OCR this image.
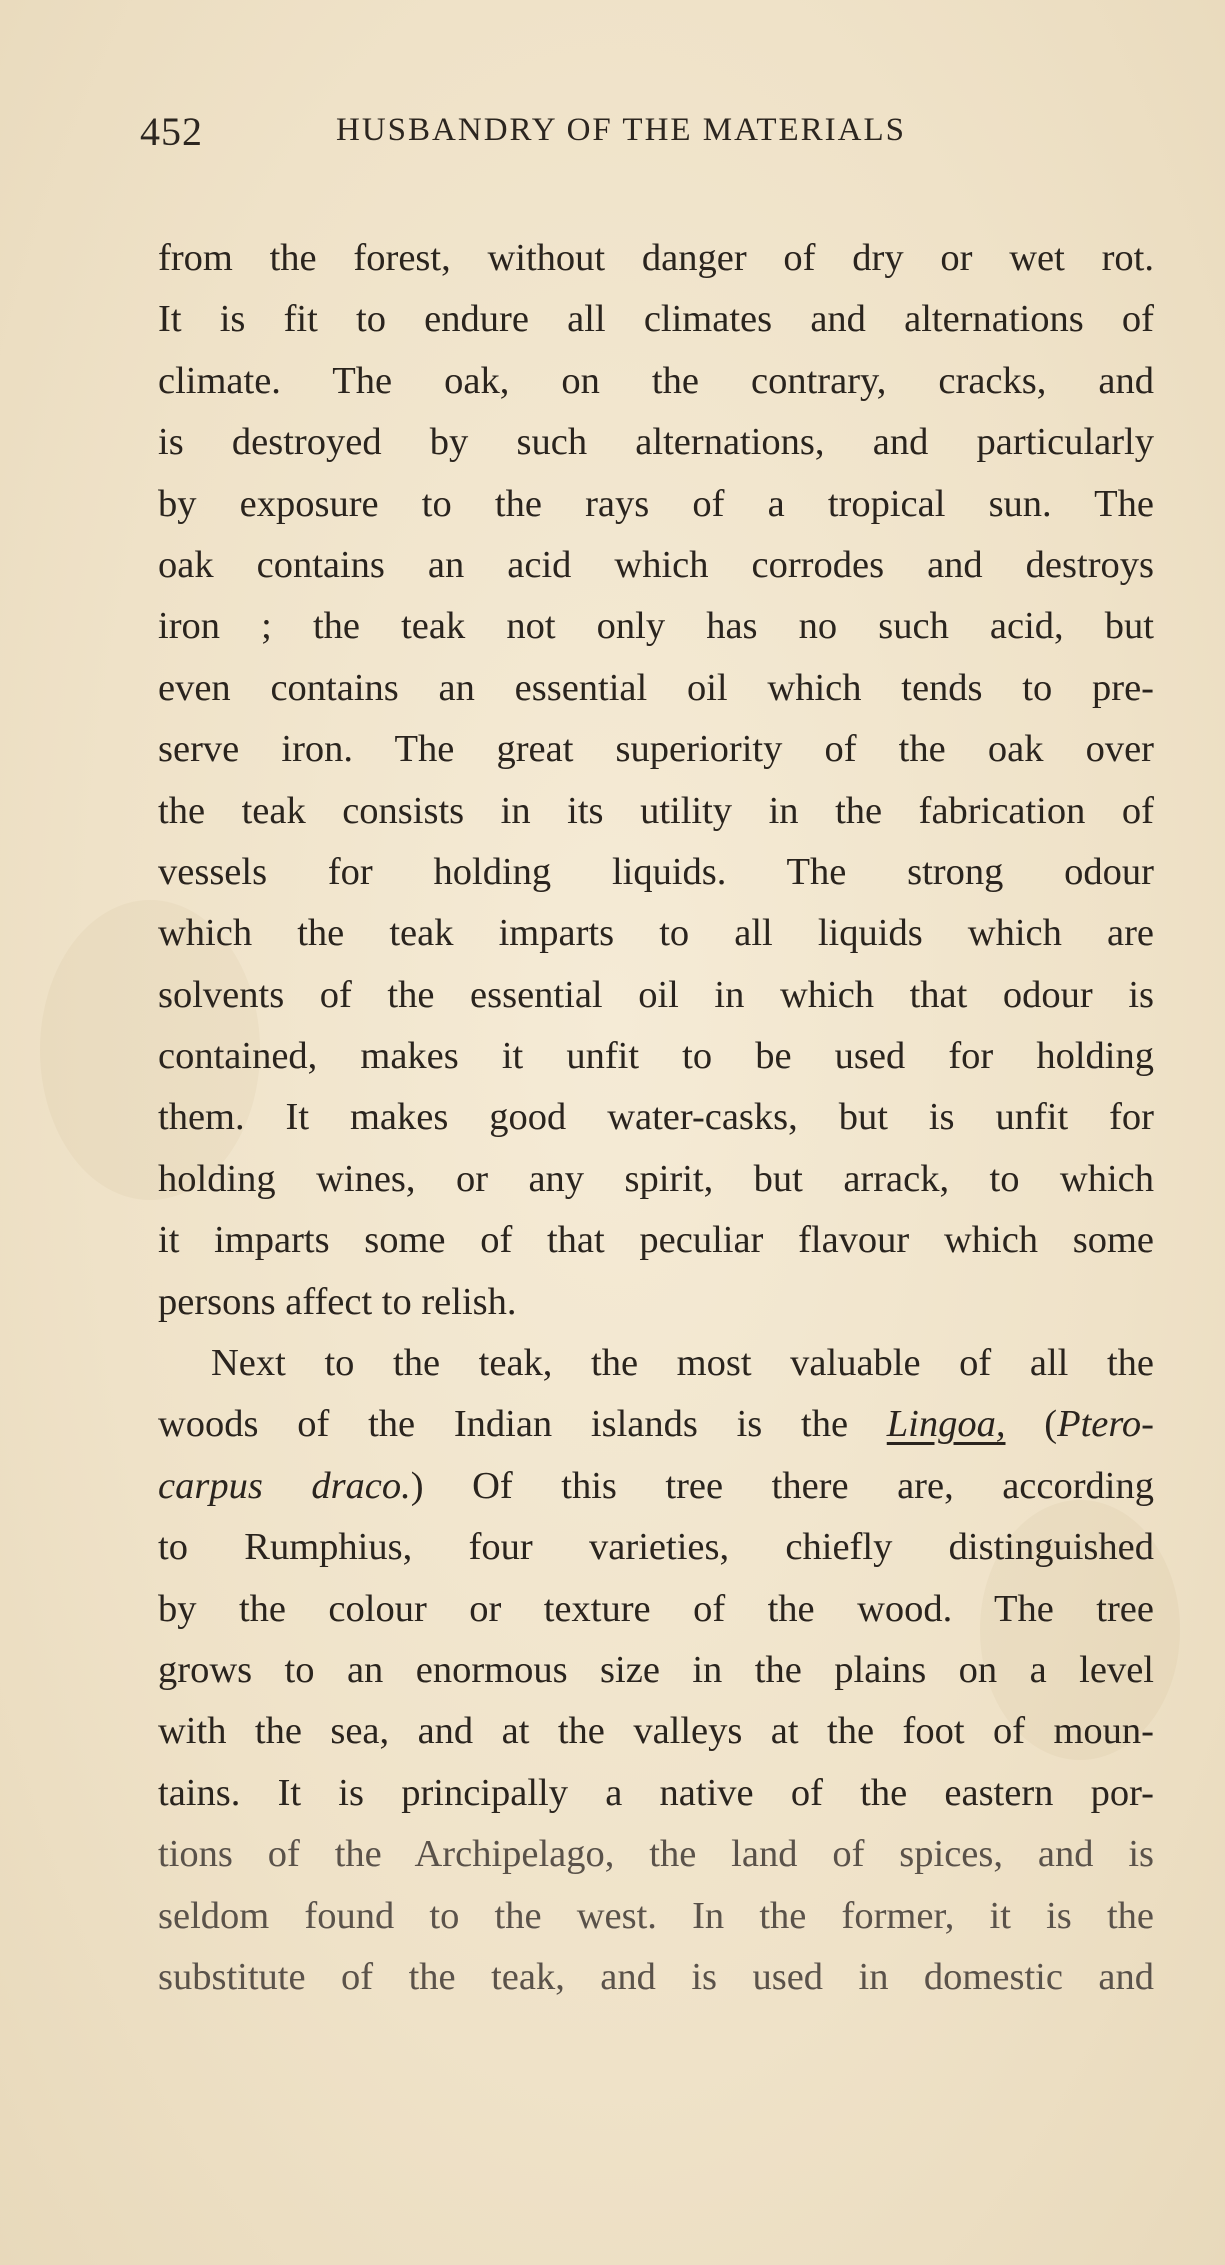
452	HUSBANDRY OF THE MATERIALS
from the forest, without danger of dry or wet rot.
It is fit to endure all climates and alternations of
climate. The oak, on the contrary, cracks, and
is destroyed by such alternations, and particularly
by exposure to the rays of a tropical sun. The
oak contains an acid which corrodes and destroys
iron ; the teak not only has no such acid, but
even contains an essential oil which tends to pre-
serve iron. The great superiority of the oak over
the teak consists in its utility in the fabrication of
vessels for holding liquids. The strong odour
which the teak imparts to all liquids which are
solvents of the essential oil in which that odour is
contained, makes it unfit to be used for holding
them. It makes good water-casks, but is unfit for
holding wines, or any spirit, but arrack, to which
it imparts some of that peculiar flavour which some
persons affect to relish.
Next to the teak, the most valuable of all the
woods of the Indian islands is the Lingoa, (Ptero-
carpus draco.) Of this tree there are, according
to Rumphius, four varieties, chiefly distinguished
by the colour or texture of the wood. The tree
grows to an enormous size in the plains on a level
with the sea, and at the valleys at the foot of moun-
tains. It is principally a native of the eastern por-
tions of the Archipelago, the land of spices, and is
seldom found to the west. In the former, it is the
substitute of the teak, and is used in domestic and
